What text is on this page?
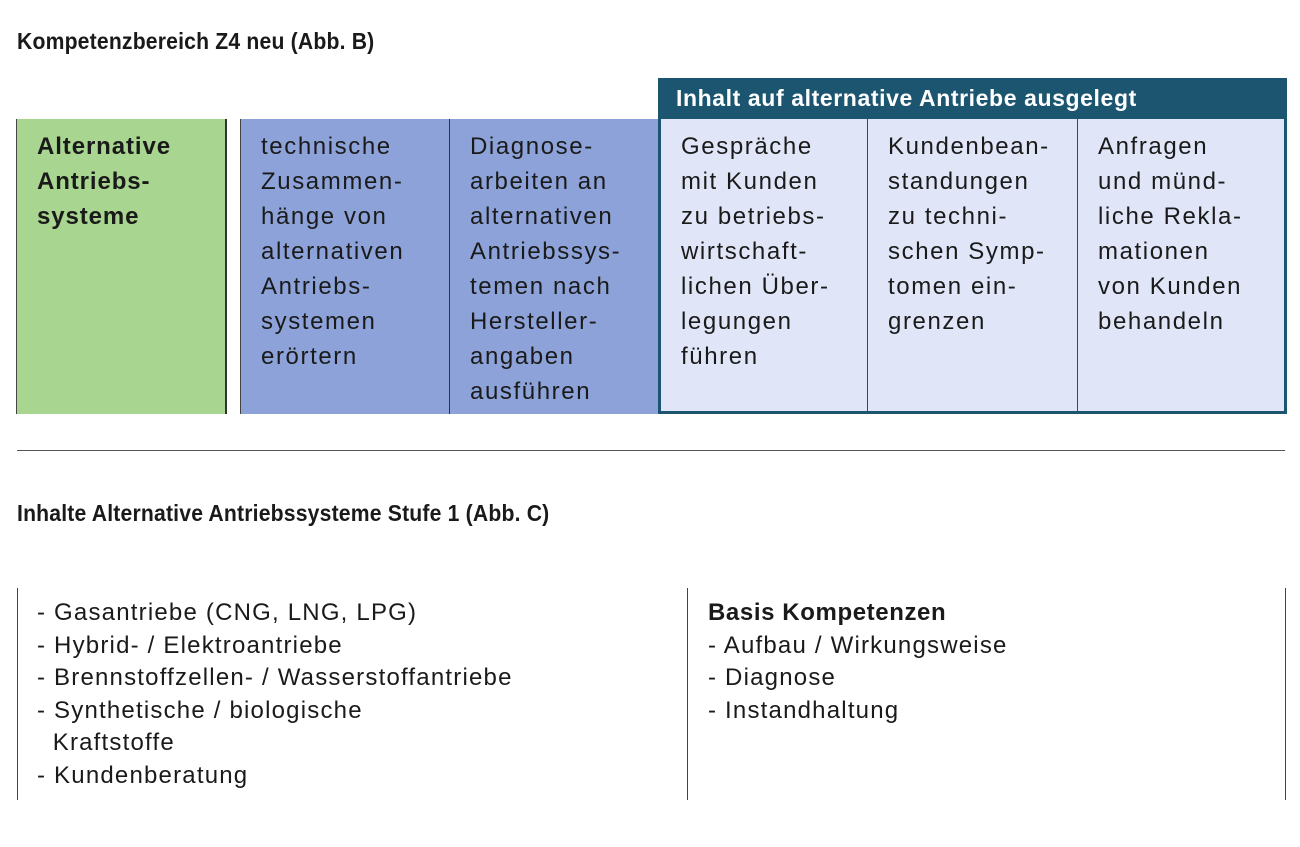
Kompetenzbereich Z4 neu (Abb. B)
Inhalt auf alternative Antriebe ausgelegt
Alternative
Antriebs-
systeme
technische
Zusammen-
hänge von
alternativen
Antriebs-
systemen
erörtern
Diagnose-
arbeiten an
alternativen
Antriebssys-
temen nach
Hersteller-
angaben
ausführen
Gespräche
mit Kunden
zu betriebs-
wirtschaft-
lichen Über-
legungen
führen
Kundenbean-
standungen
zu techni-
schen Symp-
tomen ein-
grenzen
Anfragen
und münd-
liche Rekla-
mationen
von Kunden
behandeln
Inhalte Alternative Antriebssysteme Stufe 1 (Abb. C)
- Gasantriebe (CNG, LNG, LPG)
- Hybrid- / Elektroantriebe
- Brennstoffzellen- / Wasserstoffantriebe
- Synthetische / biologische
Kraftstoffe
- Kundenberatung
Basis Kompetenzen
- Aufbau / Wirkungsweise
- Diagnose
- Instandhaltung
